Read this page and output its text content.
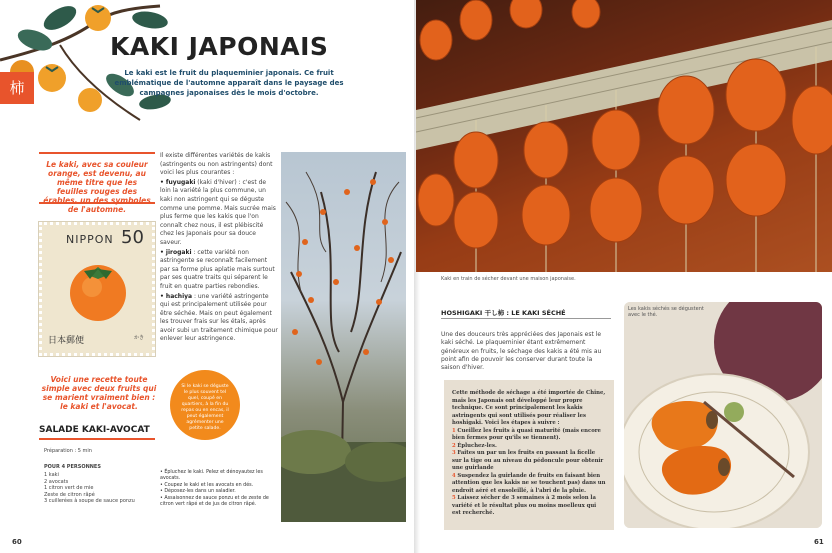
柿
KAKI JAPONAIS
Le kaki est le fruit du plaqueminier japonais. Ce fruit emblématique de l'automne apparaît dans le paysage des campagnes japonaises dès le mois d'octobre.
Le kaki, avec sa couleur orange, est devenu, au même titre que les feuilles rouges des érables, un des symboles de l'automne.
NIPPON 50
日本郵便	かき

Il existe différentes variétés de kakis (astringents ou non astringents) dont voici les plus courantes :

• fuyugaki (kaki d'hiver) : c'est de loin la variété la plus commune, un kaki non astringent qui se déguste comme une pomme. Mais sucrée mais plus ferme que les kakis que l'on connaît chez nous, il est plébiscité chez les Japonais pour sa douce saveur.

• jirogaki : cette variété non astringente se reconnaît facilement par sa forme plus aplatie mais surtout par ses quatre traits qui séparent le fruit en quatre parties rebondies.

• hachiya : une variété astringente qui est principalement utilisée pour être séchée. Mais on peut également les trouver frais sur les étals, après avoir subi un traitement chimique pour enlever leur astringence.

Voici une recette toute simple avec deux fruits qui se marient vraiment bien : le kaki et l'avocat.
SALADE KAKI-AVOCAT
Préparation : 5 min
POUR 4 PERSONNES
1 kaki
2 avocats
1 citron vert de mie
Zeste de citron râpé
3 cuillerées à soupe de sauce ponzu
Si le kaki se déguste le plus souvent tel quel, coupé en quartiers, à la fin du repas ou en encas, il peut également agrémenter une petite salade.
• Épluchez le kaki. Pelez et dénoyautez les avocats.
• Coupez le kaki et les avocats en dés.
• Déposez-les dans un saladier.
• Assaisonnez de sauce ponzu et de zeste de citron vert râpé et de jus de citron râpé.
60
Kaki en train de sécher devant une maison japonaise.
HOSHIGAKI 干し柿 : LE KAKI SÉCHÉ
Une des douceurs très appréciées des Japonais est le kaki séché. Le plaqueminier étant extrêmement généreux en fruits, le séchage des kakis a été mis au point afin de pouvoir les conserver durant toute la saison d'hiver.
Cette méthode de séchage a été importée de Chine, mais les Japonais ont développé leur propre technique. Ce sont principalement les kakis astringents qui sont utilisés pour réaliser les hoshigaki. Voici les étapes à suivre :
1 Cueillez les fruits à quasi maturité (mais encore bien fermes pour qu'ils se tiennent).
2 Épluchez-les.
3 Faites un par un les fruits en passant la ficelle sur la tige ou au niveau du pédoncule pour obtenir une guirlande
4 Suspendez la guirlande de fruits en faisant bien attention que les kakis ne se touchent pas) dans un endroit aéré et ensoleillé, à l'abri de la pluie.
5 Laissez sécher de 3 semaines à 2 mois selon la variété et le résultat plus ou moins moelleux qui est recherché.
Les kakis séchés se dégustent avec le thé.
61
